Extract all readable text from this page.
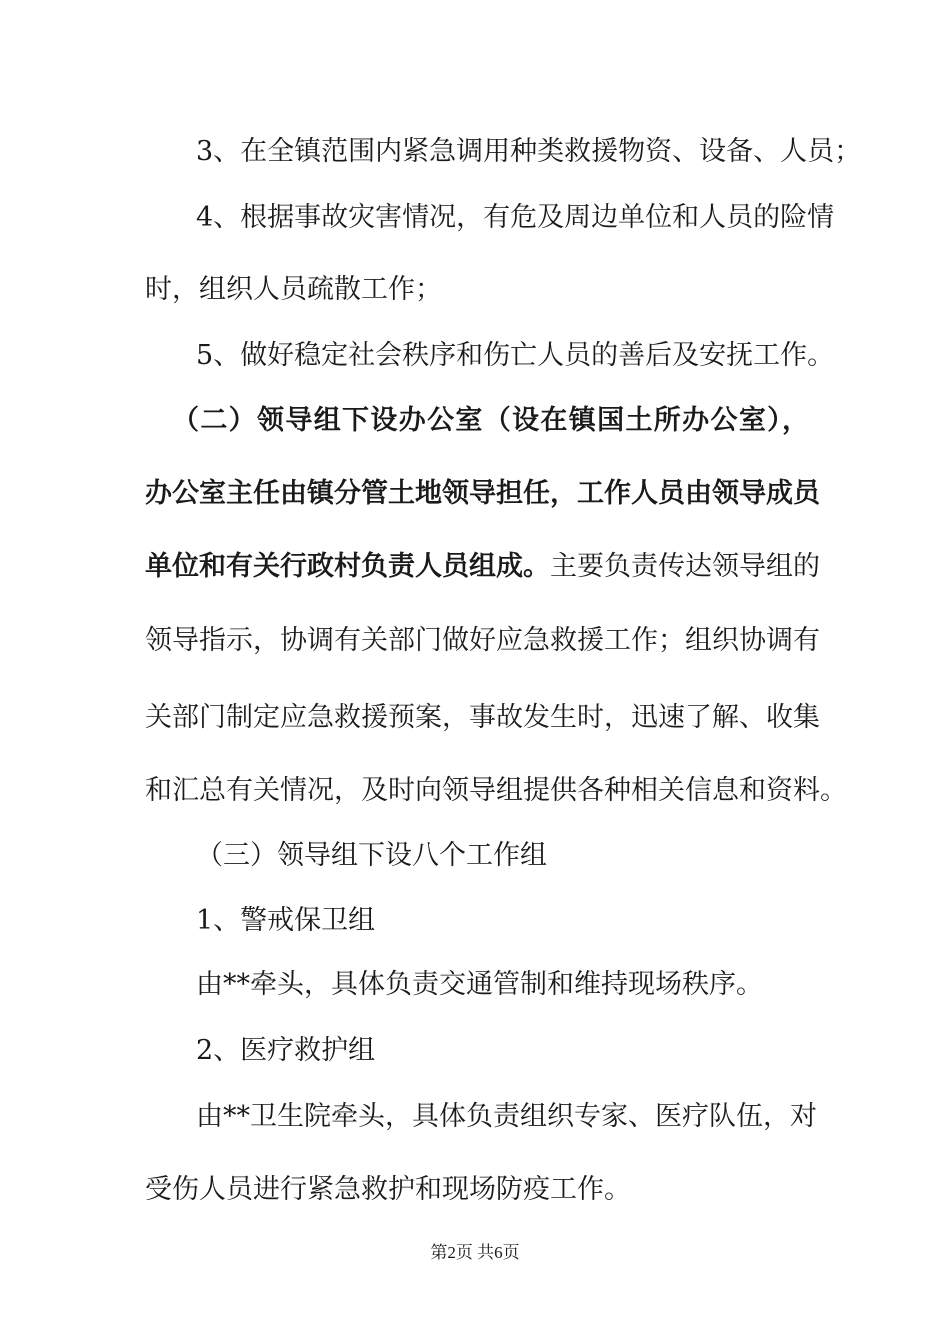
3、在全镇范围内紧急调用种类救援物资、设备、人员；
4、根据事故灾害情况，有危及周边单位和人员的险情
时，组织人员疏散工作；
5、做好稳定社会秩序和伤亡人员的善后及安抚工作。
（二）领导组下设办公室（设在镇国土所办公室），
办公室主任由镇分管土地领导担任，工作人员由领导成员
单位和有关行政村负责人员组成。 主要负责传达领导组的
领导指示，协调有关部门做好应急救援工作；组织协调有
关部门制定应急救援预案，事故发生时，迅速了解、收集
和汇总有关情况，及时向领导组提供各种相关信息和资料。
（三）领导组下设八个工作组
1、警戒保卫组
由**牵头，具体负责交通管制和维持现场秩序。
2、医疗救护组
由**卫生院牵头，具体负责组织专家、医疗队伍，对
受伤人员进行紧急救护和现场防疫工作。
第2页 共6页
